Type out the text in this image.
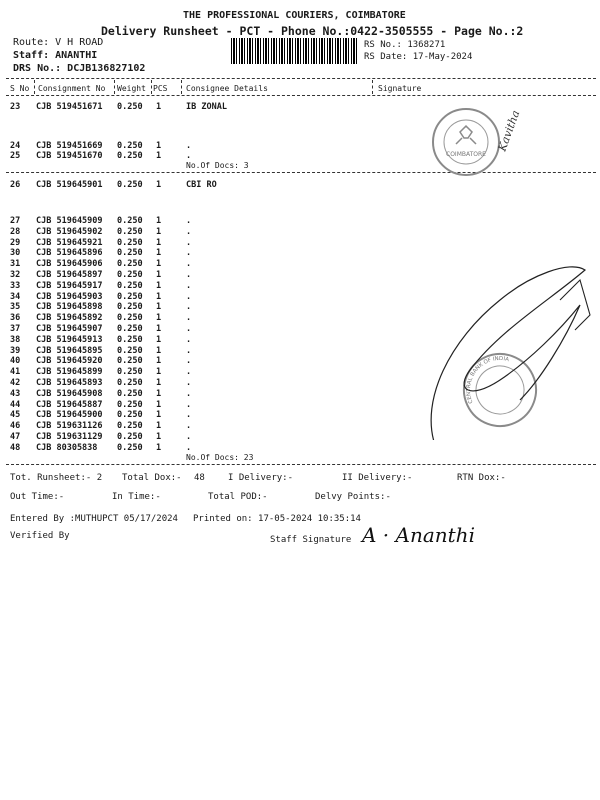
THE PROFESSIONAL COURIERS, COIMBATORE
Delivery Runsheet - PCT - Phone No.:0422-3505555 - Page No.:2
Route: V H ROAD
Staff: ANANTHI
DRS No.: DCJB136827102
RS No.: 1368271
RS Date: 17-May-2024
S No Consignment No Weight PCS Consignee Details	Signature
23 CJB 519451671 0.250 1	IB ZONAL
24 CJB 519451669 0.250 1	.
25 CJB 519451670 0.250 1	.
No.Of Docs: 3
26 CJB 519645901 0.250 1	CBI RO
27 CJB 519645909 0.250 1	.
28 CJB 519645902 0.250 1	.
29 CJB 519645921 0.250 1	.
30 CJB 519645896 0.250 1	.
31 CJB 519645906 0.250 1	.
32 CJB 519645897 0.250 1	.
33 CJB 519645917 0.250 1	.
34 CJB 519645903 0.250 1	.
35 CJB 519645898 0.250 1	.
36 CJB 519645892 0.250 1	.
37 CJB 519645907 0.250 1	.
38 CJB 519645913 0.250 1	.
39 CJB 519645895 0.250 1	.
40 CJB 519645920 0.250 1	.
41 CJB 519645899 0.250 1	.
42 CJB 519645893 0.250 1	.
43 CJB 519645908 0.250 1	.
44 CJB 519645887 0.250 1	.
45 CJB 519645900 0.250 1	.
46 CJB 519631126 0.250 1	.
47 CJB 519631129 0.250 1	.
48 CJB 80305838 0.250 1	.
No.Of Docs: 23
COIMBATORE
Kavitha
CENTRAL BANK OF INDIA
Tot. Runsheet:- 2 Total Dox:- 48	I Delivery:-	II Delivery:-	RTN Dox:-
Out Time:-	In Time:-	Total POD:-	Delvy Points:-
Entered By :MUTHUPCT 05/17/2024 Printed on: 17-05-2024 10:35:14
Verified By	Staff Signature A · Ananthi
